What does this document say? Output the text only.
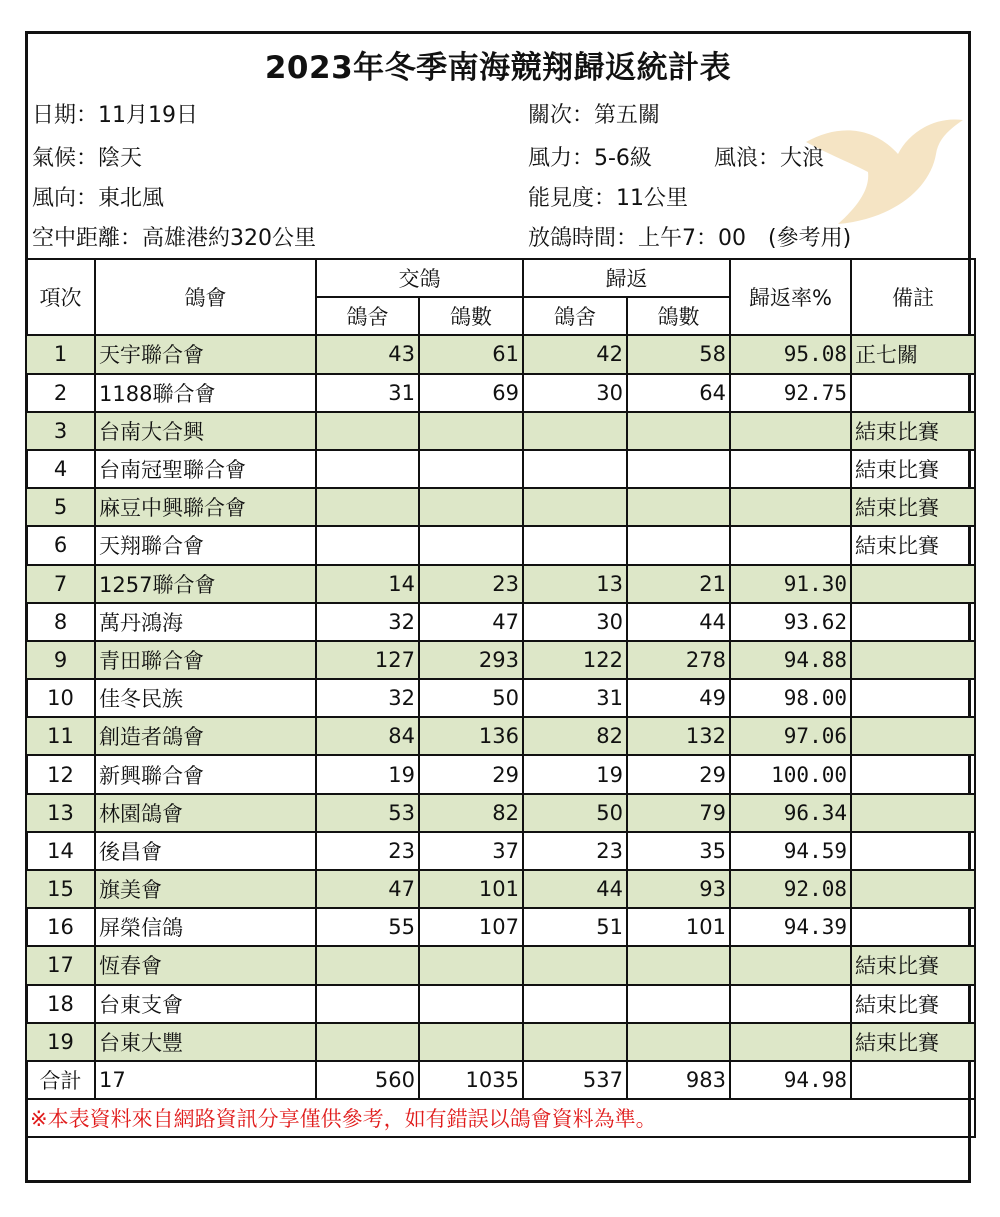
2023年冬季南海競翔歸返統計表
日期：11月19日	關次：第五關
氣候：陰天	風力：5-6級	風浪：大浪
風向：東北風	能見度：11公里
空中距離：高雄港約320公里	放鴿時間：上午7：00　(參考用)
項次	鴿會	交鴿		歸返		歸返率%	備註
		鴿舍	鴿數	鴿舍	鴿數		
1	天宇聯合會	43	61	42	58	95.08	正七關
2	1188聯合會	31	69	30	64	92.75	
3	台南大合興						結束比賽
4	台南冠聖聯合會						結束比賽
5	麻豆中興聯合會						結束比賽
6	天翔聯合會						結束比賽
7	1257聯合會	14	23	13	21	91.30	
8	萬丹鴻海	32	47	30	44	93.62	
9	青田聯合會	127	293	122	278	94.88	
10	佳冬民族	32	50	31	49	98.00	
11	創造者鴿會	84	136	82	132	97.06	
12	新興聯合會	19	29	19	29	100.00	
13	林園鴿會	53	82	50	79	96.34	
14	後昌會	23	37	23	35	94.59	
15	旗美會	47	101	44	93	92.08	
16	屏榮信鴿	55	107	51	101	94.39	
17	恆春會						結束比賽
18	台東支會						結束比賽
19	台東大豐						結束比賽
合計	17	560	1035	537	983	94.98	
※本表資料來自網路資訊分享僅供參考，如有錯誤以鴿會資料為準。							
